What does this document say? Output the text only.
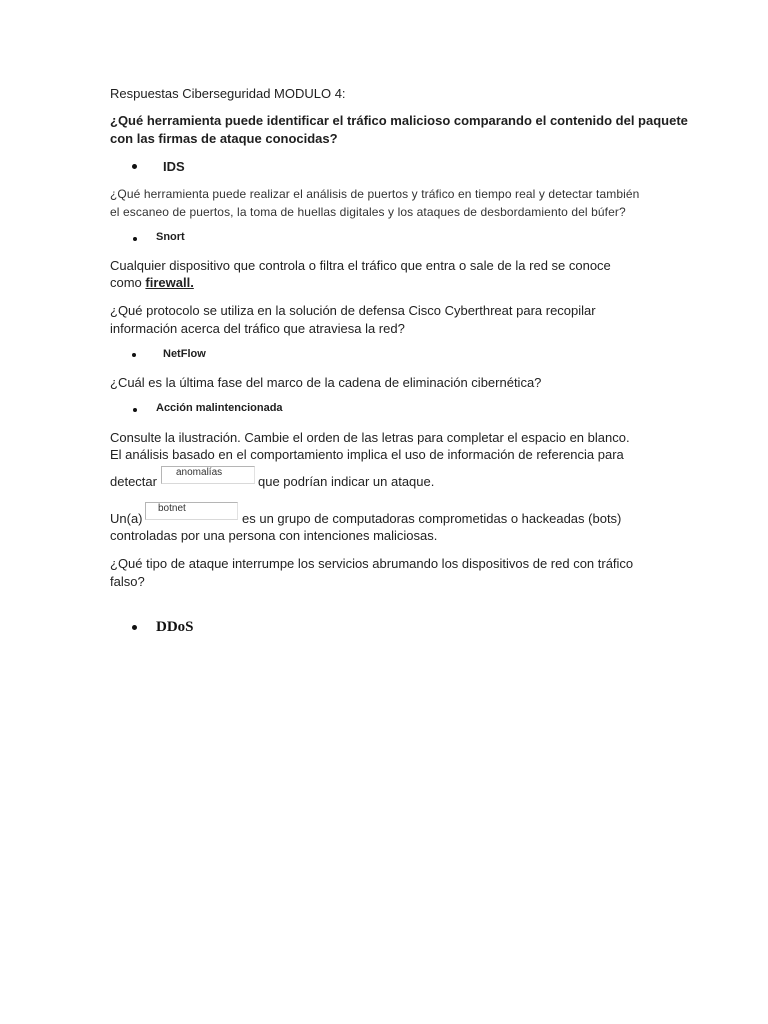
Respuestas Ciberseguridad MODULO 4:
¿Qué herramienta puede identificar el tráfico malicioso comparando el contenido del paquete
con las firmas de ataque conocidas?
IDS
¿Qué herramienta puede realizar el análisis de puertos y tráfico en tiempo real y detectar también
el escaneo de puertos, la toma de huellas digitales y los ataques de desbordamiento del búfer?
Snort
Cualquier dispositivo que controla o filtra el tráfico que entra o sale de la red se conoce
como firewall.
¿Qué protocolo se utiliza en la solución de defensa Cisco Cyberthreat para recopilar
información acerca del tráfico que atraviesa la red?
NetFlow
¿Cuál es la última fase del marco de la cadena de eliminación cibernética?
Acción malintencionada
Consulte la ilustración. Cambie el orden de las letras para completar el espacio en blanco.
El análisis basado en el comportamiento implica el uso de información de referencia para
detectar
anomalías
que podrían indicar un ataque.
Un(a)
botnet
es un grupo de computadoras comprometidas o hackeadas (bots)
controladas por una persona con intenciones maliciosas.
¿Qué tipo de ataque interrumpe los servicios abrumando los dispositivos de red con tráfico
falso?
DDoS
